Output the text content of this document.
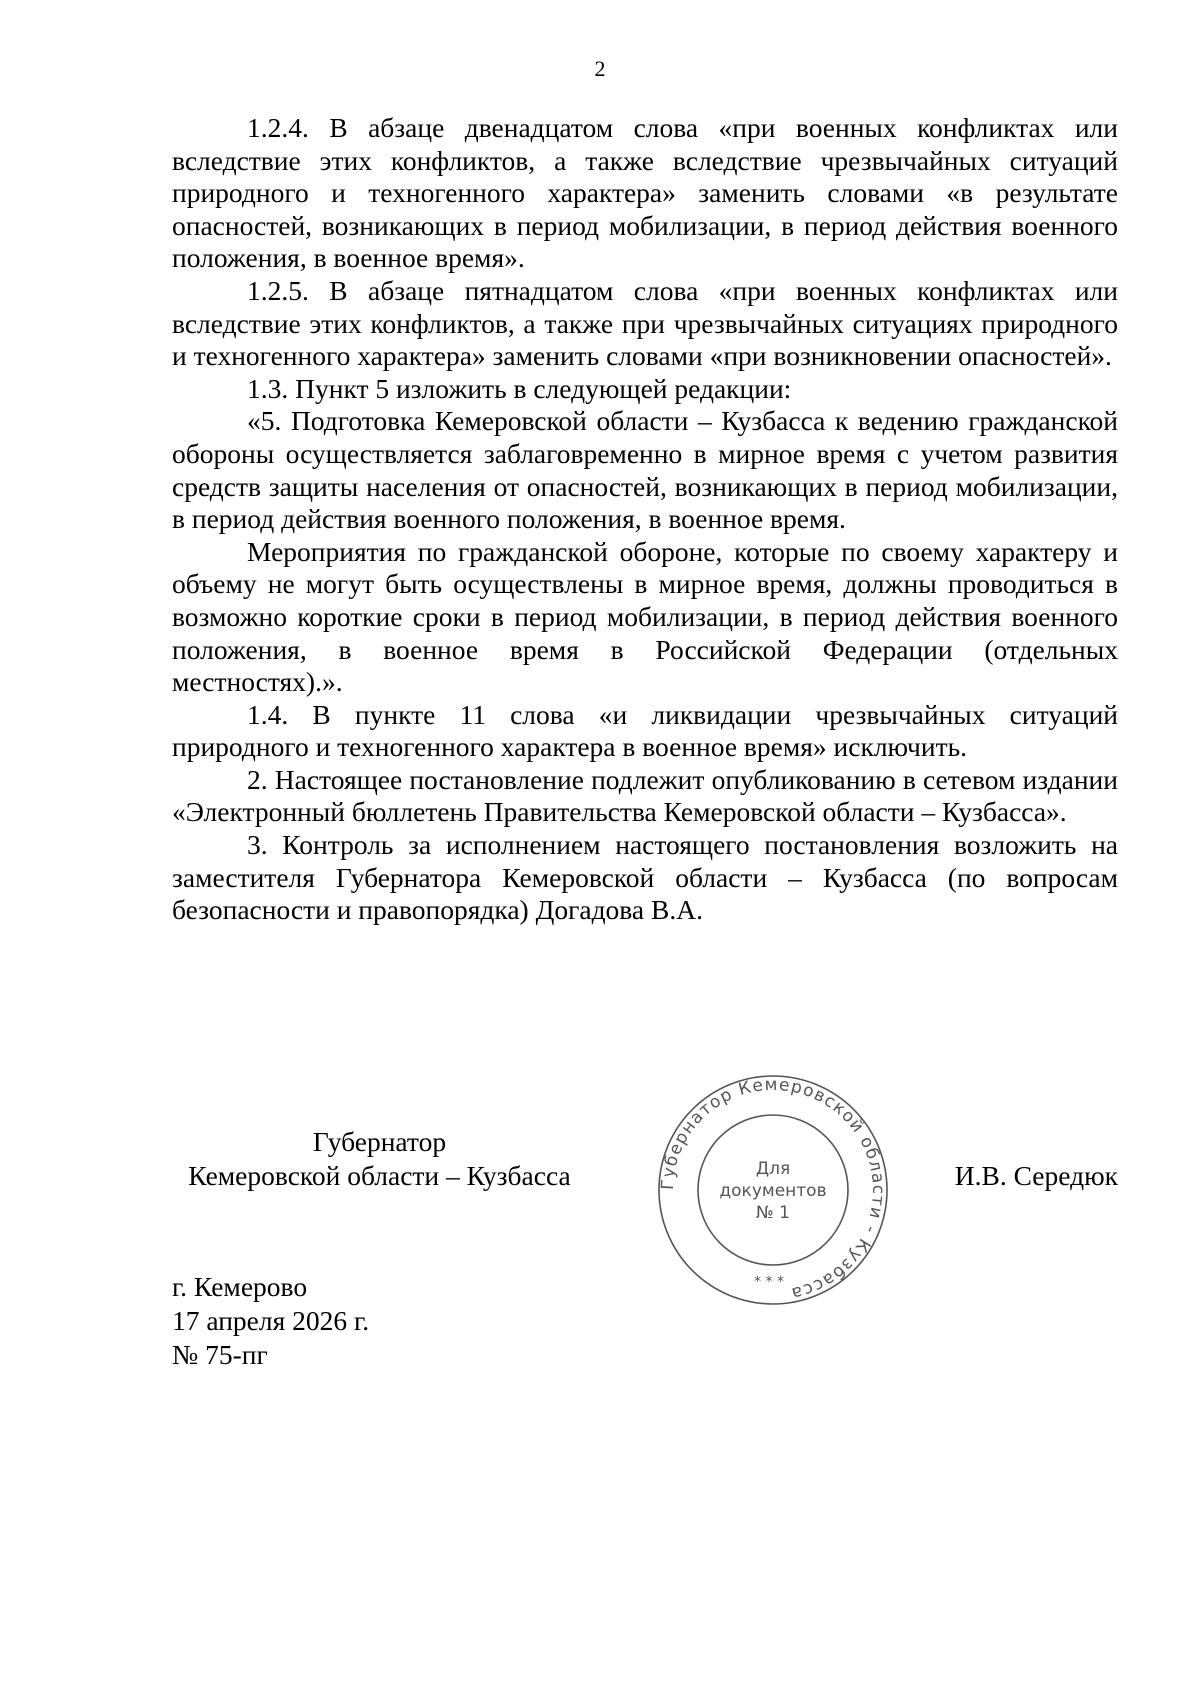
2

1.2.4. В абзаце двенадцатом слова «при военных конфликтах или вследствие этих конфликтов, а также вследствие чрезвычайных ситуаций природного и техногенного характера» заменить словами «в результате опасностей, возникающих в период мобилизации, в период действия военного положения, в военное время».

1.2.5. В абзаце пятнадцатом слова «при военных конфликтах или вследствие этих конфликтов, а также при чрезвычайных ситуациях природного и техногенного характера» заменить словами «при возникновении опасностей».

1.3. Пункт 5 изложить в следующей редакции:

«5. Подготовка Кемеровской области – Кузбасса к ведению гражданской обороны осуществляется заблаговременно в мирное время с учетом развития средств защиты населения от опасностей, возникающих в период мобилизации, в период действия военного положения, в военное время.

Мероприятия по гражданской обороне, которые по своему характеру и объему не могут быть осуществлены в мирное время, должны проводиться в возможно короткие сроки в период мобилизации, в период действия военного положения, в военное время в Российской Федерации (отдельных местностях).».

1.4. В пункте 11 слова «и ликвидации чрезвычайных ситуаций природного и техногенного характера в военное время» исключить.

2. Настоящее постановление подлежит опубликованию в сетевом издании «Электронный бюллетень Правительства Кемеровской области – Кузбасса».

3. Контроль за исполнением настоящего постановления возложить на заместителя Губернатора Кемеровской области – Кузбасса (по вопросам безопасности и правопорядка) Догадова В.А.

Губернатор
Кемеровской области – Кузбасса	И.В. Середюк
Губернатор Кемеровской области - Кузбасса
* * *
Для
документов
№ 1
г. Кемерово
17 апреля 2026 г.
№ 75-пг
